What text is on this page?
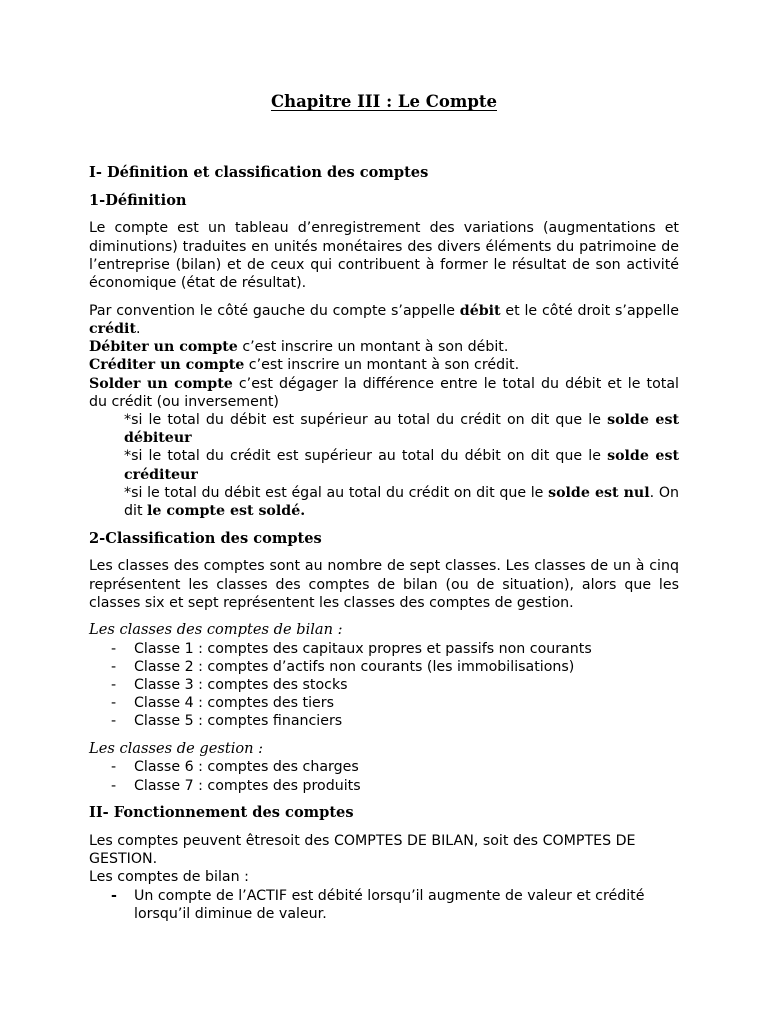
Chapitre III : Le Compte
I- Définition et classification des comptes
1-Définition
Le compte est un tableau d’enregistrement des variations (augmentations et diminutions) traduites en unités monétaires des divers éléments du patrimoine de l’entreprise (bilan) et de ceux qui contribuent à former le résultat de son activité économique (état de résultat).
Par convention le côté gauche du compte s’appelle débit et le côté droit s’appelle crédit.
Débiter un compte c’est inscrire un montant à son débit.
Créditer un compte c’est inscrire un montant à son crédit.
Solder un compte c’est dégager la différence entre le total du débit et le total du crédit (ou inversement)
*si le total du débit est supérieur au total du crédit on dit que le solde est débiteur
*si le total du crédit est supérieur au total du débit on dit que le solde est créditeur
*si le total du débit est égal au total du crédit on dit que le solde est nul. On dit le compte est soldé.
2-Classification des comptes
Les classes des comptes sont au nombre de sept classes. Les classes de un à cinq représentent les classes des comptes de bilan (ou de situation), alors que les classes six et sept représentent les classes des comptes de gestion.
Les classes des comptes de bilan :
- Classe 1 : comptes des capitaux propres et passifs non courants
- Classe 2 : comptes d’actifs non courants (les immobilisations)
- Classe 3 : comptes des stocks
- Classe 4 : comptes des tiers
- Classe 5 : comptes financiers
Les classes de gestion :
- Classe 6 : comptes des charges
- Classe 7 : comptes des produits
II- Fonctionnement des comptes
Les comptes peuvent êtresoit des COMPTES DE BILAN, soit des COMPTES DE GESTION.
Les comptes de bilan :
- Un compte de l’ACTIF est débité lorsqu’il augmente de valeur et crédité lorsqu’il diminue de valeur.
